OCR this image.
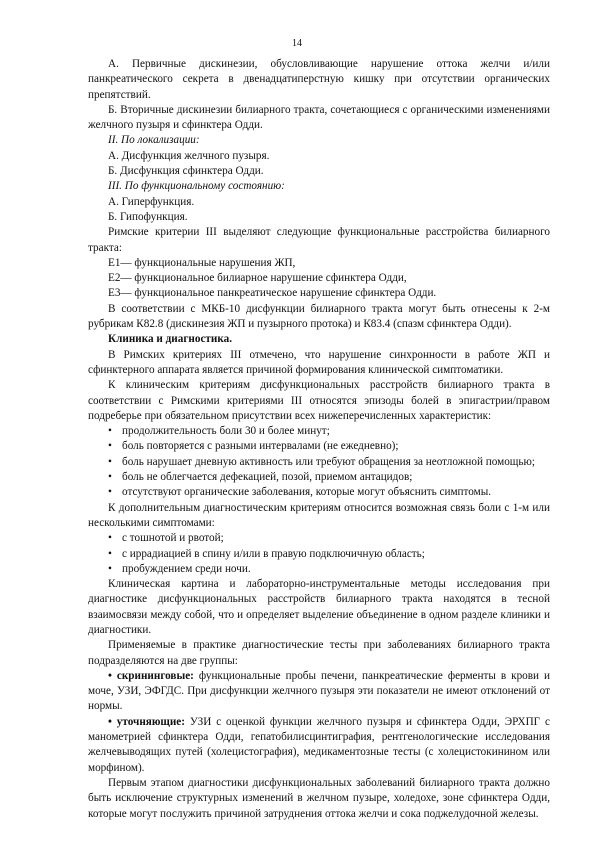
14

А. Первичные дискинезии, обусловливающие нарушение оттока желчи и/или панкреатического секрета в двенадцатиперстную кишку при отсутствии органических препятствий.

Б. Вторичные дискинезии билиарного тракта, сочетающиеся с органическими изменениями желчного пузыря и сфинктера Одди.

II. По локализации:

А. Дисфункция желчного пузыря.

Б. Дисфункция сфинктера Одди.

III. По функциональному состоянию:

А. Гиперфункция.

Б. Гипофункция.

Римские критерии III выделяют следующие функциональные расстройства билиарного тракта:

Е1— функциональные нарушения ЖП,

Е2— функциональное билиарное нарушение сфинктера Одди,

Е3— функциональное панкреатическое нарушение сфинктера Одди.

В соответствии с МКБ-10 дисфункции билиарного тракта могут быть отнесены к 2-м рубрикам К82.8 (дискинезия ЖП и пузырного протока) и К83.4 (спазм сфинктера Одди).

Клиника и диагностика.

В Римских критериях III отмечено, что нарушение синхронности в работе ЖП и сфинктерного аппарата является причиной формирования клинической симптоматики.

К клиническим критериям дисфункциональных расстройств билиарного тракта в соответствии с Римскими критериями III относятся эпизоды болей в эпигастрии/правом подреберье при обязательном присутствии всех нижеперечисленных характеристик:

• продолжительность боли 30 и более минут;

• боль повторяется с разными интервалами (не ежедневно);

• боль нарушает дневную активность или требуют обращения за неотложной помощью;

• боль не облегчается дефекацией, позой, приемом антацидов;

• отсутствуют органические заболевания, которые могут объяснить симптомы.

К дополнительным диагностическим критериям относится возможная связь боли с 1-м или несколькими симптомами:

• с тошнотой и рвотой;

• с иррадиацией в спину и/или в правую подключичную область;

• пробуждением среди ночи.

Клиническая картина и лабораторно-инструментальные методы исследования при диагностике дисфункциональных расстройств билиарного тракта находятся в тесной взаимосвязи между собой, что и определяет выделение объединение в одном разделе клиники и диагностики.

Применяемые в практике диагностические тесты при заболеваниях билиарного тракта подразделяются на две группы:

• скрининговые: функциональные пробы печени, панкреатические ферменты в крови и моче, УЗИ, ЭФГДС. При дисфункции желчного пузыря эти показатели не имеют отклонений от нормы.

• уточняющие: УЗИ с оценкой функции желчного пузыря и сфинктера Одди, ЭРХПГ с манометрией сфинктера Одди, гепатобилисцинтиграфия, рентгенологические исследования желчевыводящих путей (холецистография), медикаментозные тесты (с холецистокинином или морфином).

Первым этапом диагностики дисфункциональных заболеваний билиарного тракта должно быть исключение структурных изменений в желчном пузыре, холедохе, зоне сфинктера Одди, которые могут послужить причиной затруднения оттока желчи и сока поджелудочной железы.
